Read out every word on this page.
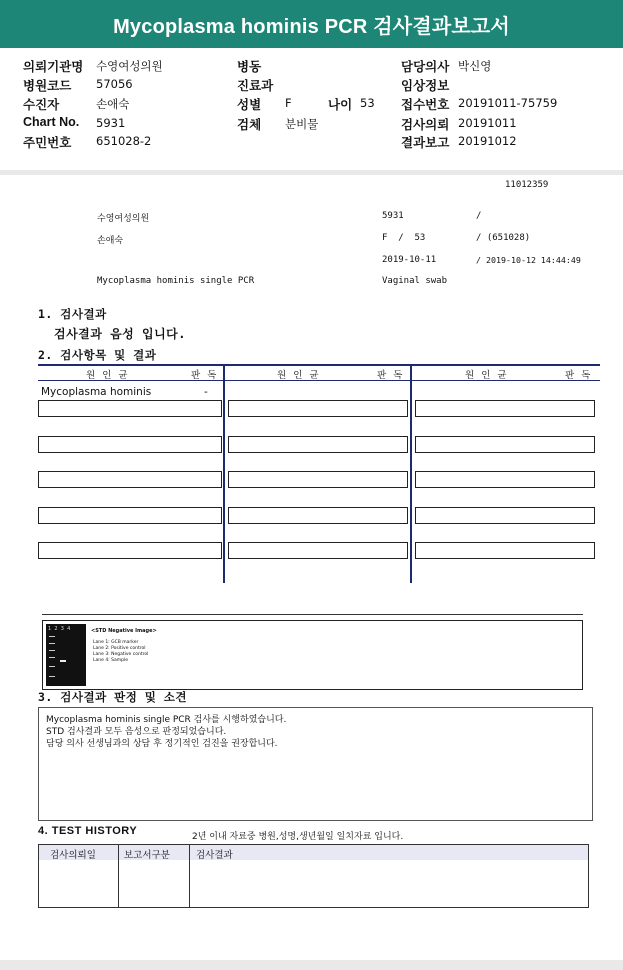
Mycoplasma hominis PCR 검사결과보고서
의뢰기관명 수영여성의원
병원코드 57056
수진자	손애숙
Chart No. 5931
주민번호 651028-2
병동
진료과
성별 F	나이 53
검체 분비물
담당의사 박신영
임상정보
접수번호 20191011-75759
검사의뢰 20191011
결과보고 20191012
11012359
수영여성의원	5931	/
손애숙	F  /  53	/ (651028)
2019-10-11	/ 2019-10-12 14:44:49
Mycoplasma hominis single PCR	Vaginal swab
1. 검사결과
검사결과 음성 입니다.
2. 검사항목 및 결과
원 인 균	판 독	원 인 균	판 독	원 인 균	판 독
Mycoplasma hominis	-
1  2  3  4	<STD Negative Image>
Lane 1: GCB marker
Lane 2: Positive control
Lane 3: Negative control
Lane 4: Sample
3. 검사결과 판정 및 소견
Mycoplasma hominis single PCR 검사를 시행하였습니다.
STD 검사결과 모두 음성으로 판정되었습니다.
담당 의사 선생님과의 상담 후 정기적인 검진을 권장합니다.
4. TEST HISTORY	2년 이내 자료중 병원,성명,생년월일 일치자료 입니다.
검사의뢰일	보고서구분	검사결과
